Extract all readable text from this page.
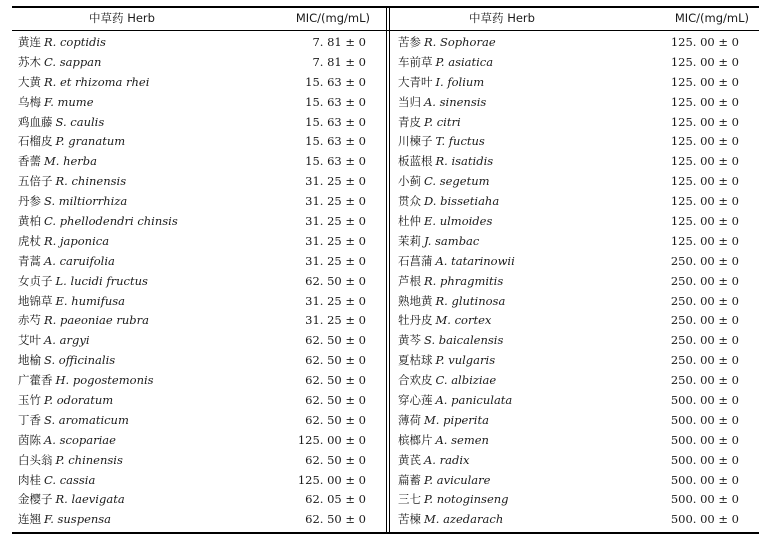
中草药 Herb	MIC/(mg/mL)
黄连 R. coptidis	7. 81 ± 0
苏木 C. sappan	7. 81 ± 0
大黄 R. et rhizoma rhei	15. 63 ± 0
乌梅 F. mume	15. 63 ± 0
鸡血藤 S. caulis	15. 63 ± 0
石榴皮 P. granatum	15. 63 ± 0
香薷 M. herba	15. 63 ± 0
五倍子 R. chinensis	31. 25 ± 0
丹参 S. miltiorrhiza	31. 25 ± 0
黄柏 C. phellodendri chinsis	31. 25 ± 0
虎杖 R. japonica	31. 25 ± 0
青蒿 A. caruifolia	31. 25 ± 0
女贞子 L. lucidi fructus	62. 50 ± 0
地锦草 E. humifusa	31. 25 ± 0
赤芍 R. paeoniae rubra	31. 25 ± 0
艾叶 A. argyi	62. 50 ± 0
地榆 S. officinalis	62. 50 ± 0
广藿香 H. pogostemonis	62. 50 ± 0
玉竹 P. odoratum	62. 50 ± 0
丁香 S. aromaticum	62. 50 ± 0
茵陈 A. scopariae	125. 00 ± 0
白头翁 P. chinensis	62. 50 ± 0
肉桂 C. cassia	125. 00 ± 0
金樱子 R. laevigata	62. 05 ± 0
连翘 F. suspensa	62. 50 ± 0
中草药 Herb	MIC/(mg/mL)
苦参 R. Sophorae	125. 00 ± 0
车前草 P. asiatica	125. 00 ± 0
大青叶 I. folium	125. 00 ± 0
当归 A. sinensis	125. 00 ± 0
青皮 P. citri	125. 00 ± 0
川楝子 T. fuctus	125. 00 ± 0
板蓝根 R. isatidis	125. 00 ± 0
小蓟 C. segetum	125. 00 ± 0
贯众 D. bissetiaha	125. 00 ± 0
杜仲 E. ulmoides	125. 00 ± 0
茉莉 J. sambac	125. 00 ± 0
石菖蒲 A. tatarinowii	250. 00 ± 0
芦根 R. phragmitis	250. 00 ± 0
熟地黄 R. glutinosa	250. 00 ± 0
牡丹皮 M. cortex	250. 00 ± 0
黄芩 S. baicalensis	250. 00 ± 0
夏枯球 P. vulgaris	250. 00 ± 0
合欢皮 C. albiziae	250. 00 ± 0
穿心莲 A. paniculata	500. 00 ± 0
薄荷 M. piperita	500. 00 ± 0
槟榔片 A. semen	500. 00 ± 0
黄芪 A. radix	500. 00 ± 0
萹蓄 P. aviculare	500. 00 ± 0
三七 P. notoginseng	500. 00 ± 0
苦楝 M. azedarach	500. 00 ± 0
